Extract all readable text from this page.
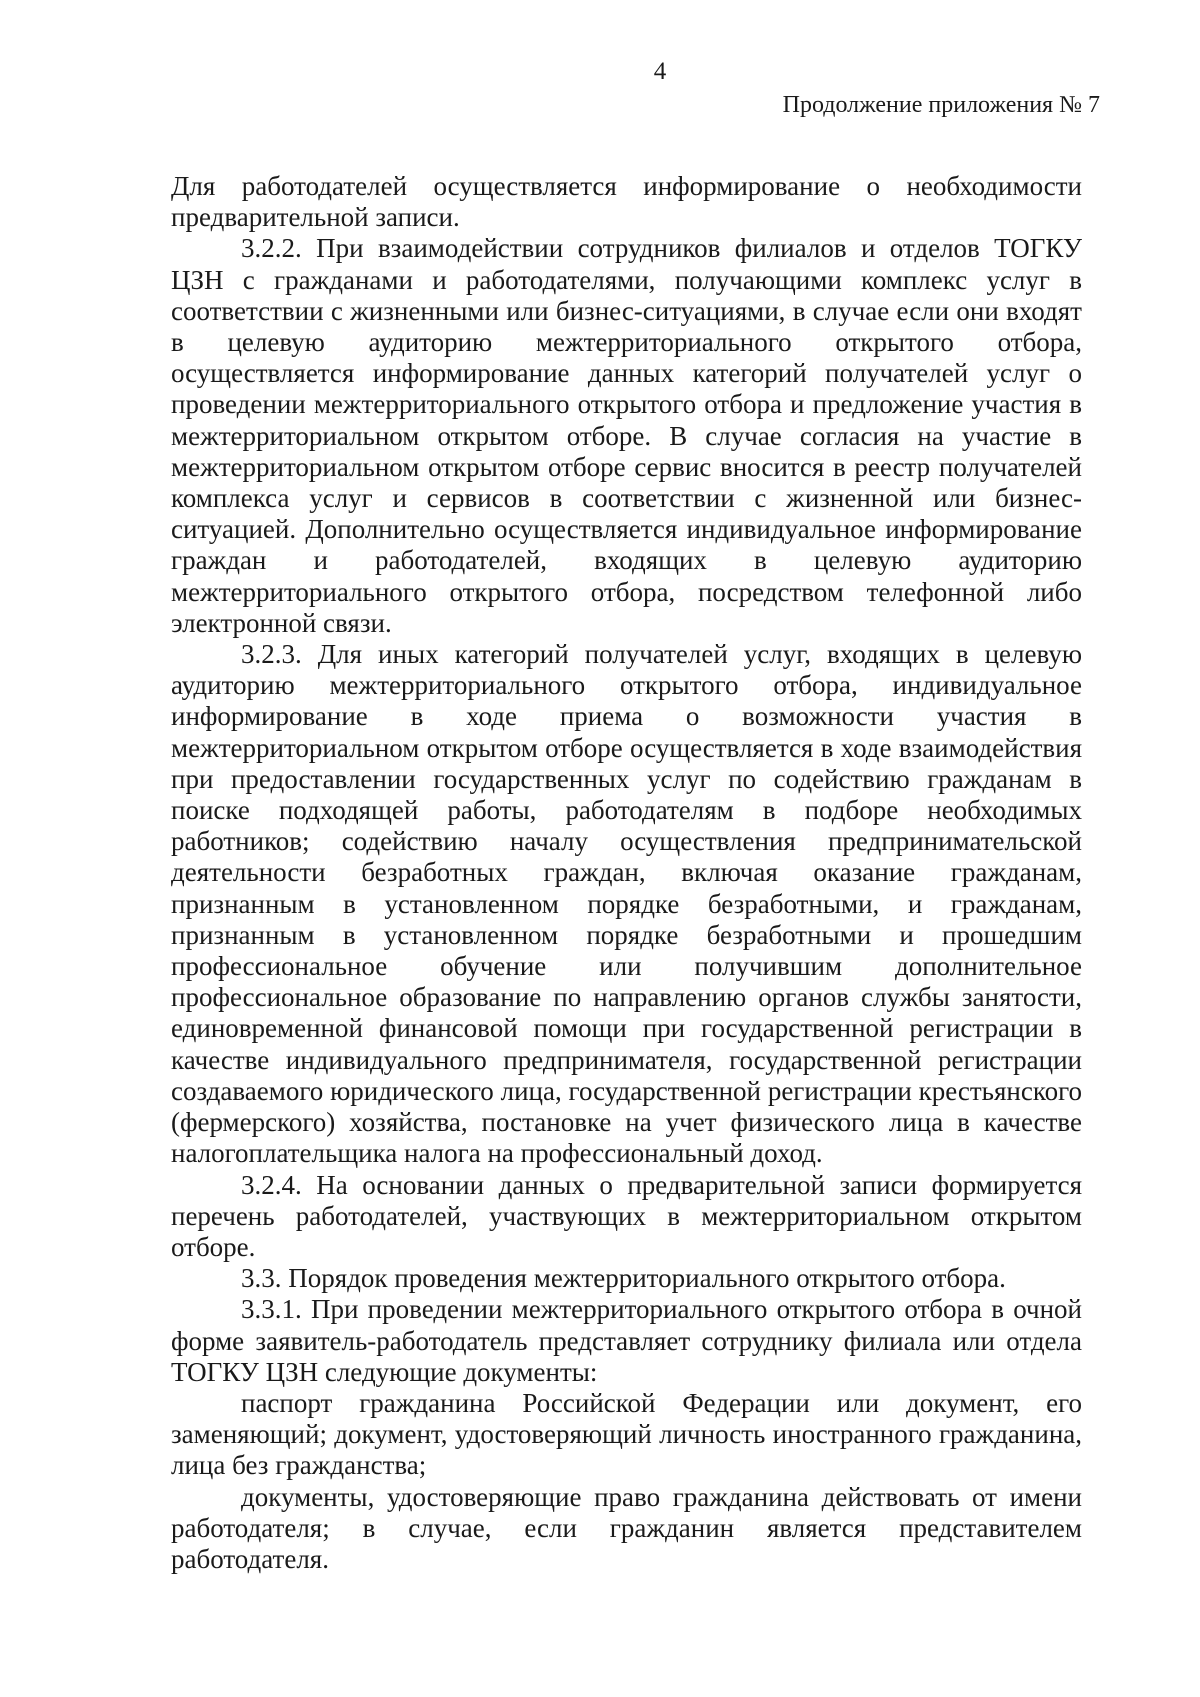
4
Продолжение приложения № 7

Для работодателей осуществляется информирование о необходимости предварительной записи.

3.2.2. При взаимодействии сотрудников филиалов и отделов ТОГКУ ЦЗН с гражданами и работодателями, получающими комплекс услуг в соответствии с жизненными или бизнес-ситуациями, в случае если они входят в целевую аудиторию межтерриториального открытого отбора, осуществляется информирование данных категорий получателей услуг о проведении межтерриториального открытого отбора и предложение участия в межтерриториальном открытом отборе. В случае согласия на участие в межтерриториальном открытом отборе сервис вносится в реестр получателей комплекса услуг и сервисов в соответствии с жизненной или бизнес-ситуацией. Дополнительно осуществляется индивидуальное информирование граждан и работодателей, входящих в целевую аудиторию межтерриториального открытого отбора, посредством телефонной либо электронной связи.

3.2.3. Для иных категорий получателей услуг, входящих в целевую аудиторию межтерриториального открытого отбора, индивидуальное информирование в ходе приема о возможности участия в межтерриториальном открытом отборе осуществляется в ходе взаимодействия при предоставлении государственных услуг по содействию гражданам в поиске подходящей работы, работодателям в подборе необходимых работников; содействию началу осуществления предпринимательской деятельности безработных граждан, включая оказание гражданам, признанным в установленном порядке безработными, и гражданам, признанным в установленном порядке безработными и прошедшим профессиональное обучение или получившим дополнительное профессиональное образование по направлению органов службы занятости, единовременной финансовой помощи при государственной регистрации в качестве индивидуального предпринимателя, государственной регистрации создаваемого юридического лица, государственной регистрации крестьянского (фермерского) хозяйства, постановке на учет физического лица в качестве налогоплательщика налога на профессиональный доход.

3.2.4. На основании данных о предварительной записи формируется перечень работодателей, участвующих в межтерриториальном открытом отборе.

3.3. Порядок проведения межтерриториального открытого отбора.

3.3.1. При проведении межтерриториального открытого отбора в очной форме заявитель-работодатель представляет сотруднику филиала или отдела ТОГКУ ЦЗН следующие документы:

паспорт гражданина Российской Федерации или документ, его заменяющий; документ, удостоверяющий личность иностранного гражданина, лица без гражданства;

документы, удостоверяющие право гражданина действовать от имени работодателя; в случае, если гражданин является представителем работодателя.
